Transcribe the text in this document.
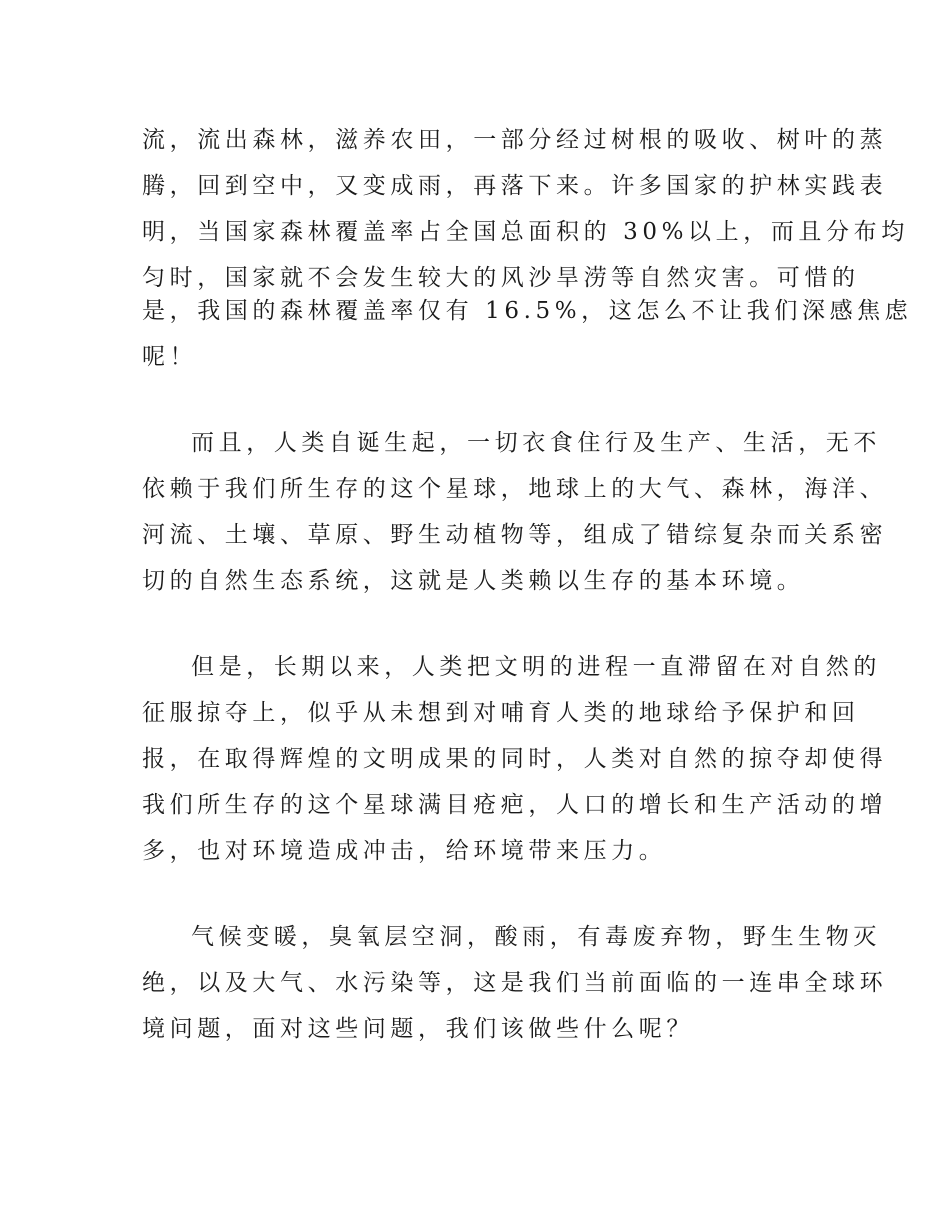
流，流出森林，滋养农田，一部分经过树根的吸收、树叶的蒸
腾，回到空中，又变成雨，再落下来。许多国家的护林实践表
明，当国家森林覆盖率占全国总面积的 30%以上，而且分布均
匀时，国家就不会发生较大的风沙旱涝等自然灾害。可惜的
是，我国的森林覆盖率仅有 16.5%，这怎么不让我们深感焦虑
呢！
而且，人类自诞生起，一切衣食住行及生产、生活，无不
依赖于我们所生存的这个星球，地球上的大气、森林，海洋、
河流、土壤、草原、野生动植物等，组成了错综复杂而关系密
切的自然生态系统，这就是人类赖以生存的基本环境。
但是，长期以来，人类把文明的进程一直滞留在对自然的
征服掠夺上，似乎从未想到对哺育人类的地球给予保护和回
报，在取得辉煌的文明成果的同时，人类对自然的掠夺却使得
我们所生存的这个星球满目疮疤，人口的增长和生产活动的增
多，也对环境造成冲击，给环境带来压力。
气候变暖，臭氧层空洞，酸雨，有毒废弃物，野生生物灭
绝，以及大气、水污染等，这是我们当前面临的一连串全球环
境问题，面对这些问题，我们该做些什么呢？
